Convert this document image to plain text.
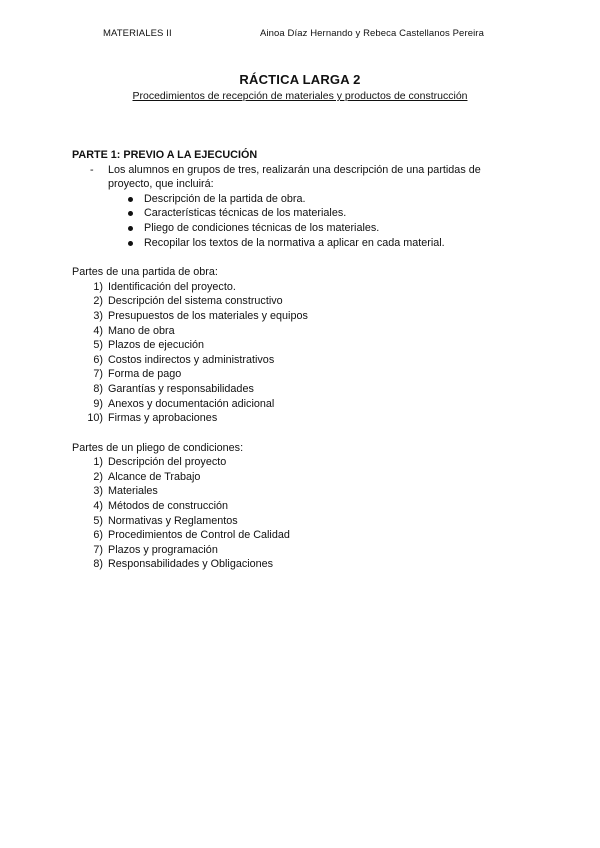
MATERIALES II	Ainoa Díaz Hernando y Rebeca Castellanos Pereira
RÁCTICA LARGA 2
Procedimientos de recepción de materiales y productos de construcción

PARTE 1: PREVIO A LA EJECUCIÓN

- Los alumnos en grupos de tres, realizarán una descripción de una partidas de proyecto, que incluirá:
Descripción de la partida de obra.
Características técnicas de los materiales.
Pliego de condiciones técnicas de los materiales.
Recopilar los textos de la normativa a aplicar en cada material.
Partes de una partida de obra:
1) Identificación del proyecto.
2) Descripción del sistema constructivo
3) Presupuestos de los materiales y equipos
4) Mano de obra
5) Plazos de ejecución
6) Costos indirectos y administrativos
7) Forma de pago
8) Garantías y responsabilidades
9) Anexos y documentación adicional
10) Firmas y aprobaciones
Partes de un pliego de condiciones:
1) Descripción del proyecto
2) Alcance de Trabajo
3) Materiales
4) Métodos de construcción
5) Normativas y Reglamentos
6) Procedimientos de Control de Calidad
7) Plazos y programación
8) Responsabilidades y Obligaciones
